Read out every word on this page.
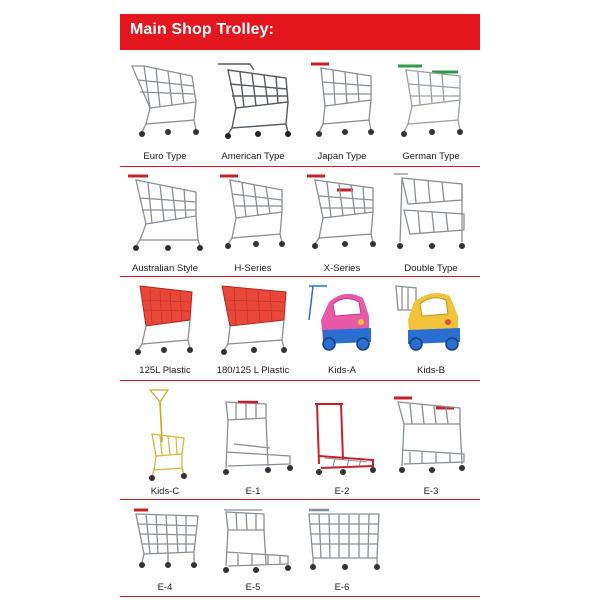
Main Shop Trolley:
Euro Type	American Type	Japan Type	German Type
Australian Style	H-Series	X-Series	Double Type
125L Plastic	180/125 L Plastic	Kids-A	Kids-B
Kids-C	E-1	E-2	E-3
E-4	E-5	E-6
